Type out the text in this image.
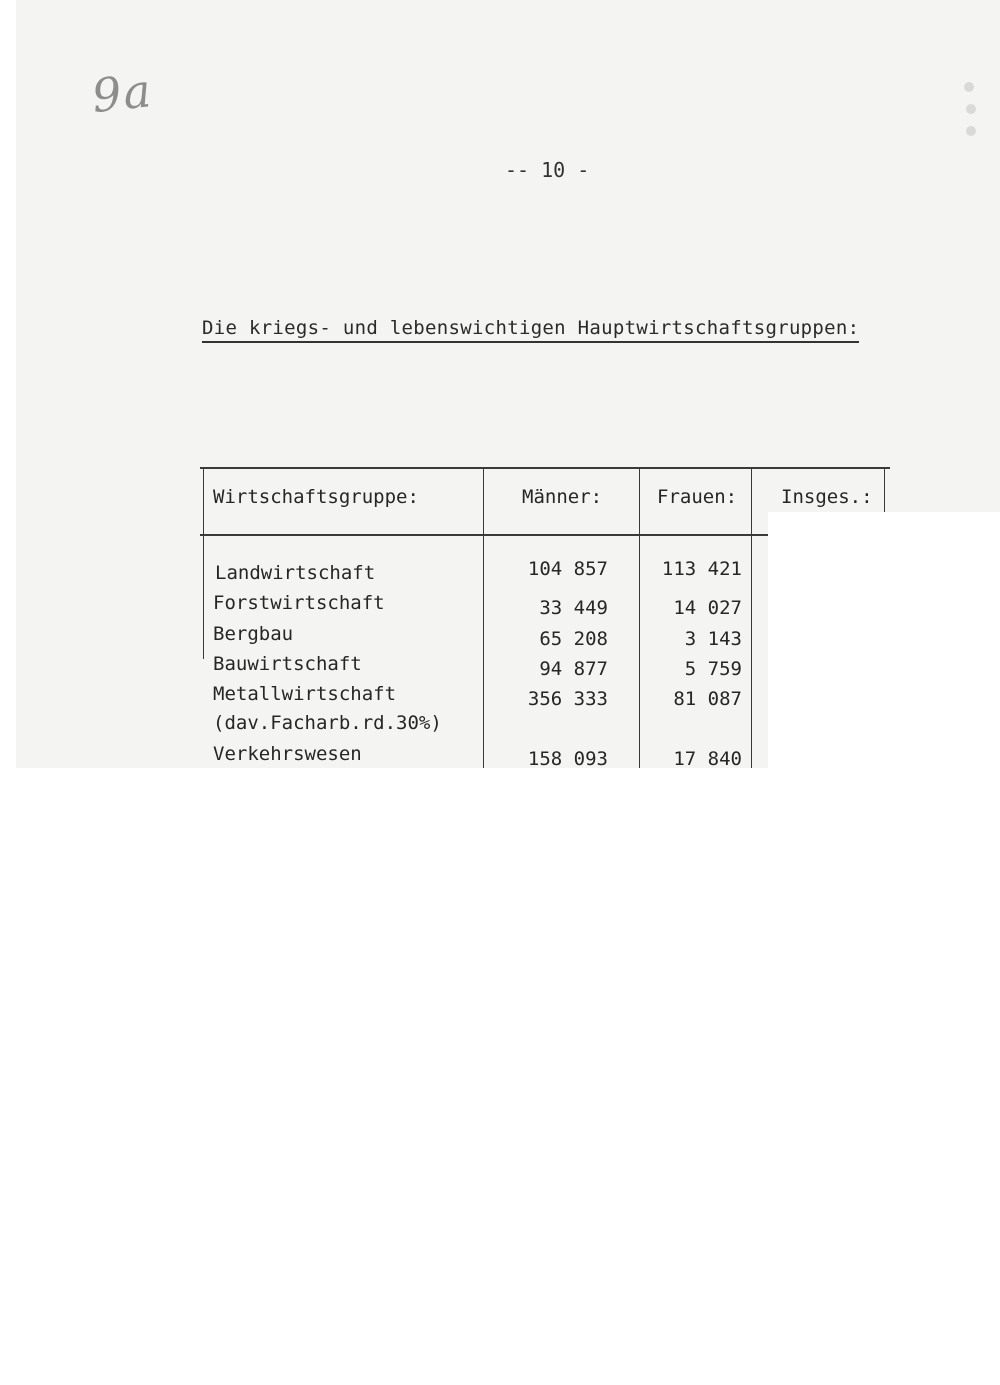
9a
-- 10 -
Die kriegs- und lebenswichtigen Hauptwirtschaftsgruppen:
Wirtschaftsgruppe:	Männer:	Frauen: Insges.:
Landwirtschaft	104 857	113 421
Forstwirtschaft	33 449	14 027
Bergbau	65 208	3 143
Bauwirtschaft	94 877	5 759
Metallwirtschaft	356 333	81 087
(dav.Facharb.rd.30%)
Verkehrswesen	158 093	17 840
